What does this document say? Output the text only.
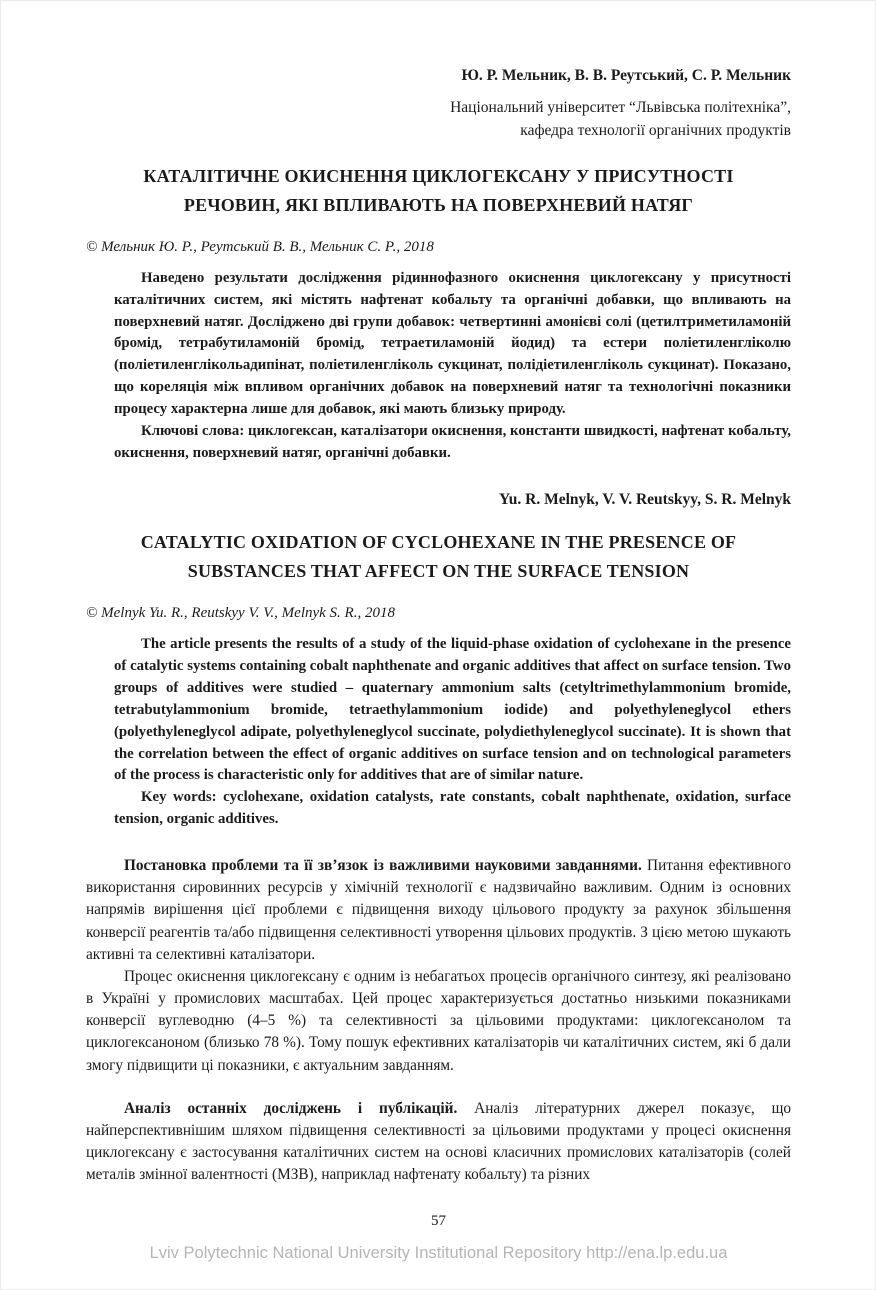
Ю. Р. Мельник, В. В. Реутський, С. Р. Мельник
Національний університет “Львівська політехніка”,
кафедра технології органічних продуктів
КАТАЛІТИЧНЕ ОКИСНЕННЯ ЦИКЛОГЕКСАНУ У ПРИСУТНОСТІ РЕЧОВИН, ЯКІ ВПЛИВАЮТЬ НА ПОВЕРХНЕВИЙ НАТЯГ
© Мельник Ю. Р., Реутський В. В., Мельник С. Р., 2018

Наведено результати дослідження рідиннофазного окиснення циклогексану у присутності каталітичних систем, які містять нафтенат кобальту та органічні добавки, що впливають на поверхневий натяг. Досліджено дві групи добавок: четвертинні амонієві солі (цетилтриметиламоній бромід, тетрабутиламоній бромід, тетраетиламоній йодид) та естери поліетиленгліколю (поліетиленглікольадипінат, поліетиленгліколь сукцинат, полідіетиленгліколь сукцинат). Показано, що кореляція між впливом органічних добавок на поверхневий натяг та технологічні показники процесу характерна лише для добавок, які мають близьку природу.

Ключові слова: циклогексан, каталізатори окиснення, константи швидкості, нафтенат кобальту, окиснення, поверхневий натяг, органічні добавки.

Yu. R. Melnyk, V. V. Reutskyy, S. R. Melnyk
CATALYTIC OXIDATION OF CYCLOHEXANE IN THE PRESENCE OF SUBSTANCES THAT AFFECT ON THE SURFACE TENSION
© Melnyk Yu. R., Reutskyy V. V., Melnyk S. R., 2018

The article presents the results of a study of the liquid-phase oxidation of cyclohexane in the presence of catalytic systems containing cobalt naphthenate and organic additives that affect on surface tension. Two groups of additives were studied – quaternary ammonium salts (cetyltrimethylammonium bromide, tetrabutylammonium bromide, tetraethylammonium iodide) and polyethyleneglycol ethers (polyethyleneglycol adipate, polyethyleneglycol succinate, polydiethyleneglycol succinate). It is shown that the correlation between the effect of organic additives on surface tension and on technological parameters of the process is characteristic only for additives that are of similar nature.

Key words: cyclohexane, oxidation catalysts, rate constants, cobalt naphthenate, oxidation, surface tension, organic additives.

Постановка проблеми та її зв’язок із важливими науковими завданнями. Питання ефективного використання сировинних ресурсів у хімічній технології є надзвичайно важливим. Одним із основних напрямів вирішення цієї проблеми є підвищення виходу цільового продукту за рахунок збільшення конверсії реагентів та/або підвищення селективності утворення цільових продуктів. З цією метою шукають активні та селективні каталізатори.

Процес окиснення циклогексану є одним із небагатьох процесів органічного синтезу, які реалізовано в Україні у промислових масштабах. Цей процес характеризується достатньо низькими показниками конверсії вуглеводню (4–5 %) та селективності за цільовими продуктами: циклогексанолом та циклогексаноном (близько 78 %). Тому пошук ефективних каталізаторів чи каталітичних систем, які б дали змогу підвищити ці показники, є актуальним завданням.

Аналіз останніх досліджень і публікацій. Аналіз літературних джерел показує, що найперспективнішим шляхом підвищення селективності за цільовими продуктами у процесі окиснення циклогексану є застосування каталітичних систем на основі класичних промислових каталізаторів (солей металів змінної валентності (МЗВ), наприклад нафтенату кобальту) та різних

57
Lviv Polytechnic National University Institutional Repository http://ena.lp.edu.ua
